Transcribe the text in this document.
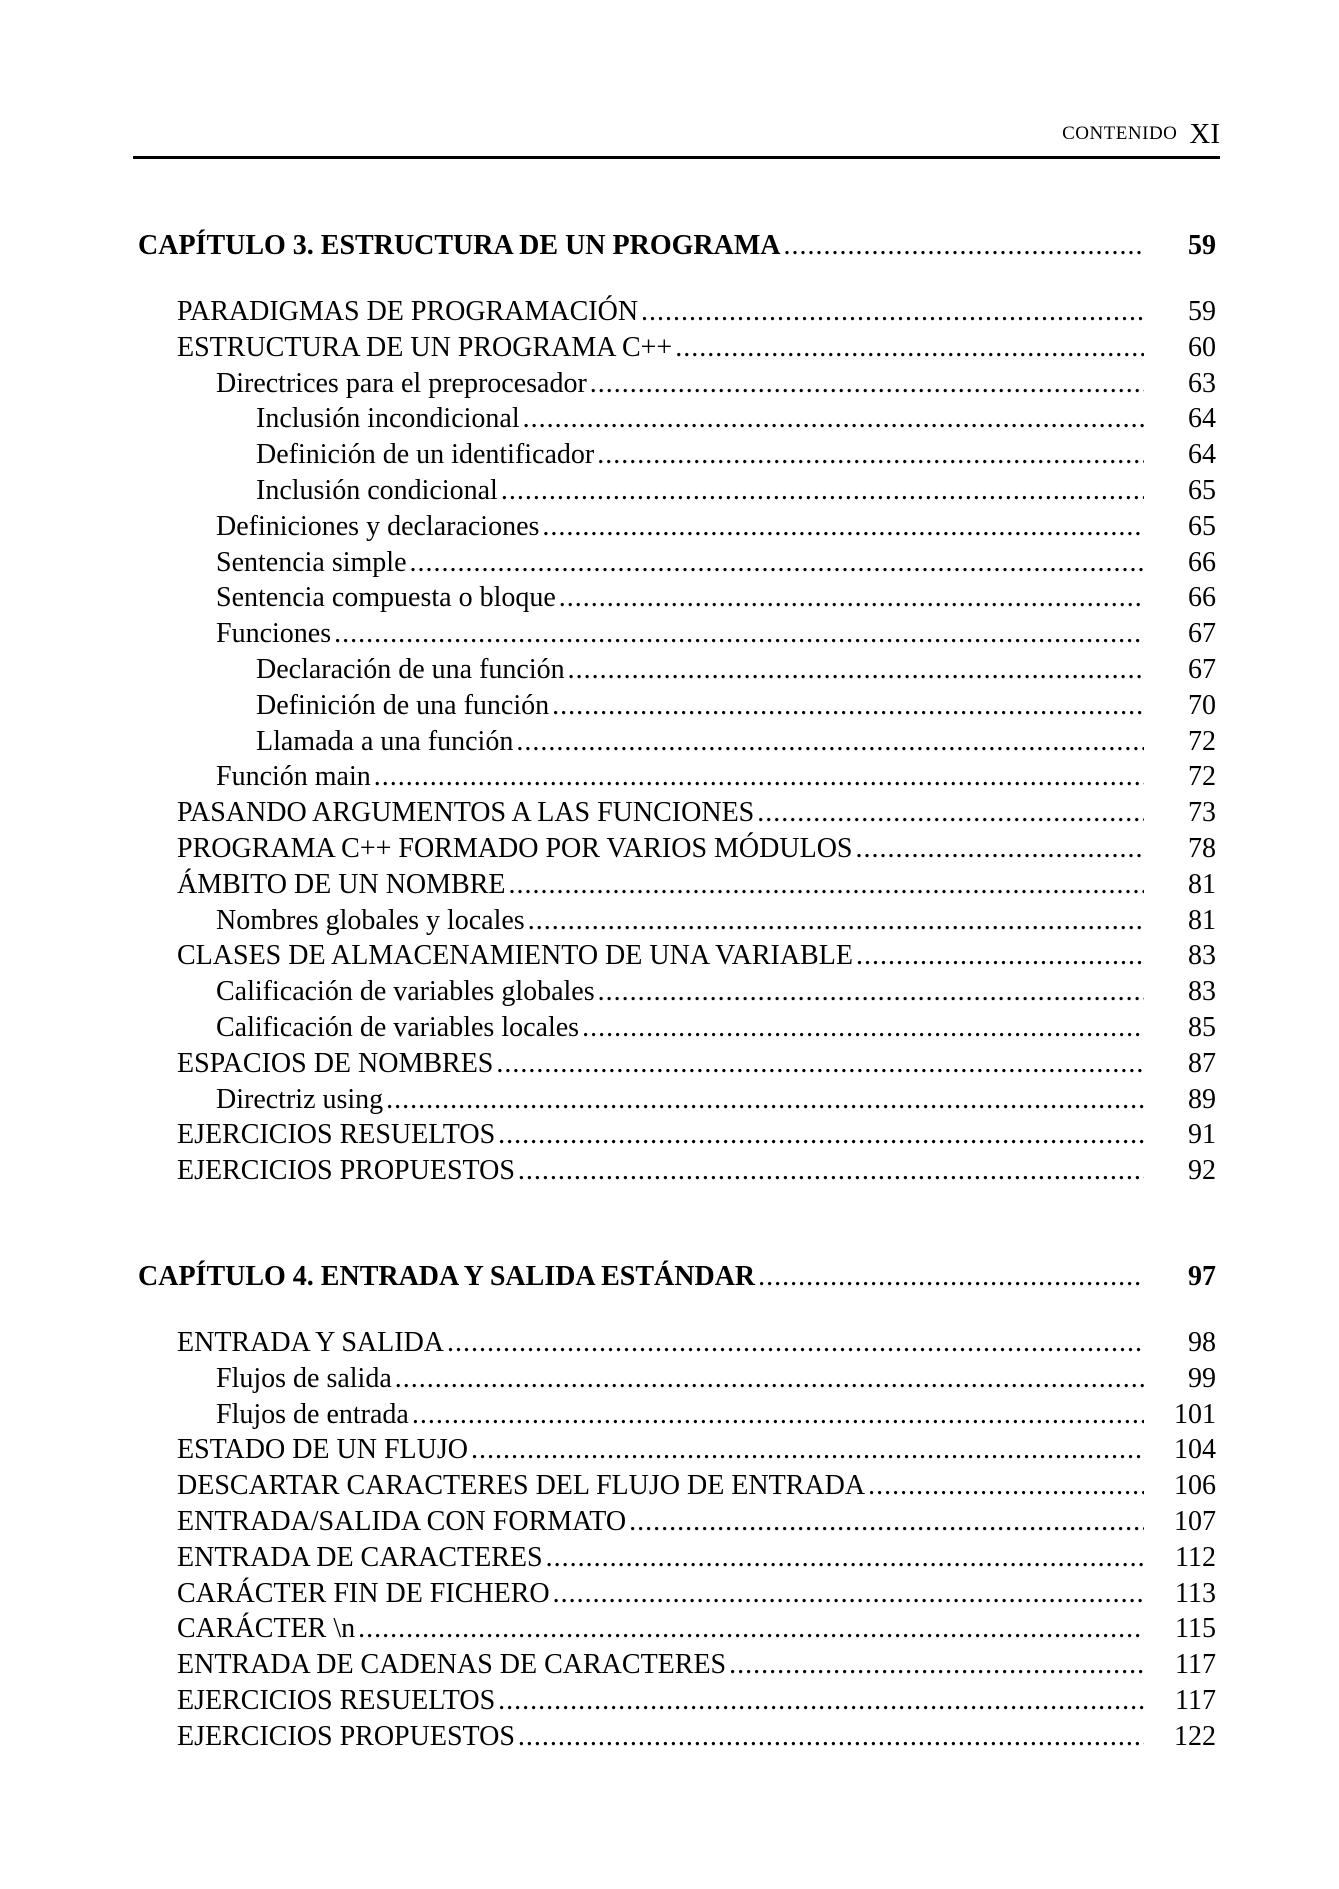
CONTENIDO XI
CAPÍTULO 3. ESTRUCTURA DE UN PROGRAMA .....	59
PARADIGMAS DE PROGRAMACIÓN .....	59
ESTRUCTURA DE UN PROGRAMA C++ .....	60
Directrices para el preprocesador .....	63
Inclusión incondicional .....	64
Definición de un identificador .....	64
Inclusión condicional .....	65
Definiciones y declaraciones .....	65
Sentencia simple .....	66
Sentencia compuesta o bloque .....	66
Funciones .....	67
Declaración de una función .....	67
Definición de una función .....	70
Llamada a una función .....	72
Función main .....	72
PASANDO ARGUMENTOS A LAS FUNCIONES .....	73
PROGRAMA C++ FORMADO POR VARIOS MÓDULOS .....	78
ÁMBITO DE UN NOMBRE .....	81
Nombres globales y locales .....	81
CLASES DE ALMACENAMIENTO DE UNA VARIABLE .....	83
Calificación de variables globales .....	83
Calificación de variables locales .....	85
ESPACIOS DE NOMBRES .....	87
Directriz using .....	89
EJERCICIOS RESUELTOS .....	91
EJERCICIOS PROPUESTOS .....	92
CAPÍTULO 4. ENTRADA Y SALIDA ESTÁNDAR .....	97
ENTRADA Y SALIDA .....	98
Flujos de salida .....	99
Flujos de entrada .....	101
ESTADO DE UN FLUJO .....	104
DESCARTAR CARACTERES DEL FLUJO DE ENTRADA .....	106
ENTRADA/SALIDA CON FORMATO .....	107
ENTRADA DE CARACTERES .....	112
CARÁCTER FIN DE FICHERO .....	113
CARÁCTER \n .....	115
ENTRADA DE CADENAS DE CARACTERES .....	117
EJERCICIOS RESUELTOS .....	117
EJERCICIOS PROPUESTOS .....	122
